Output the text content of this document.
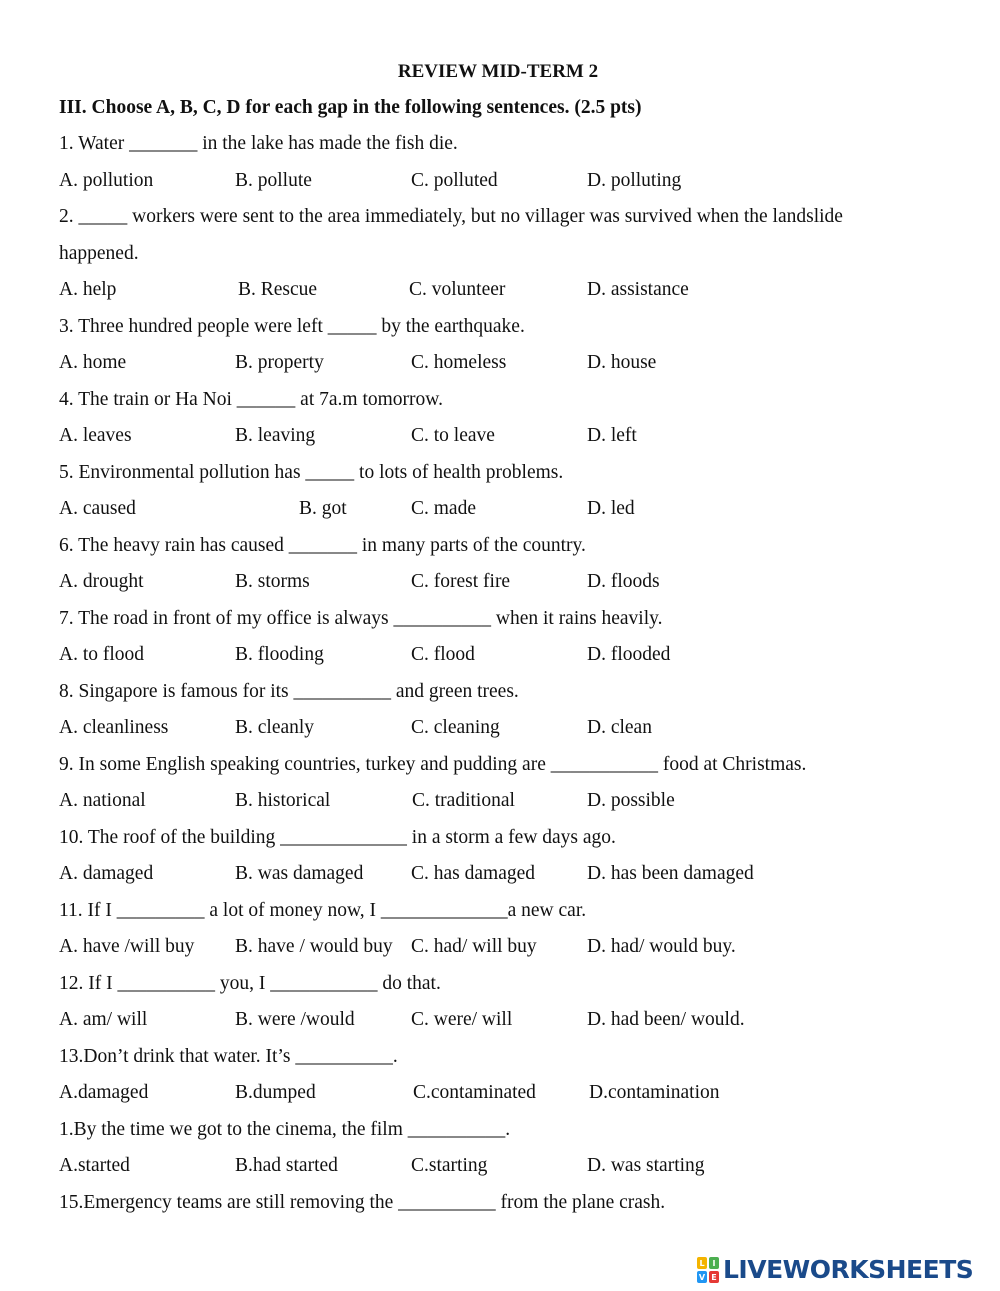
REVIEW MID-TERM 2
III. Choose A, B, C, D for each gap in the following sentences. (2.5 pts)
1. Water _______ in the lake has made the fish die.
A. pollution	B. pollute	C. polluted	D. polluting
2. _____ workers were sent to the area immediately, but no villager was survived when the landslide
happened.
A. help	B. Rescue	C. volunteer	D. assistance
3. Three hundred people were left _____ by the earthquake.
A. home	B. property	C. homeless	D. house
4. The train or Ha Noi ______ at 7a.m tomorrow.
A. leaves	B. leaving	C. to leave	D. left
5. Environmental pollution has _____ to lots of health problems.
A. caused	B. got	C. made	D. led
6. The heavy rain has caused _______ in many parts of the country.
A. drought	B. storms	C. forest fire	D. floods
7. The road in front of my office is always __________ when it rains heavily.
A. to flood	B. flooding	C. flood	D. flooded
8. Singapore is famous for its __________ and green trees.
A. cleanliness	B. cleanly	C. cleaning	D. clean
9. In some English speaking countries, turkey and pudding are ___________ food at Christmas.
A. national	B. historical	C. traditional	D. possible
10. The roof of the building _____________ in a storm a few days ago.
A. damaged	B. was damaged C. has damaged	D. has been damaged
11. If I _________ a lot of money now, I _____________a new car.
A. have /will buy B. have / would buy C. had/ will buy	D. had/ would buy.
12. If I __________ you, I ___________ do that.
A. am/ will	B. were /would	C. were/ will	D. had been/ would.
13.Don’t drink that water. It’s __________.
A.damaged	B.dumped	C.contaminated	D.contamination
1.By the time we got to the cinema, the film __________.
A.started	B.had started	C.starting	D. was starting
15.Emergency teams are still removing the __________ from the plane crash.
L I
V E LIVEWORKSHEETS
